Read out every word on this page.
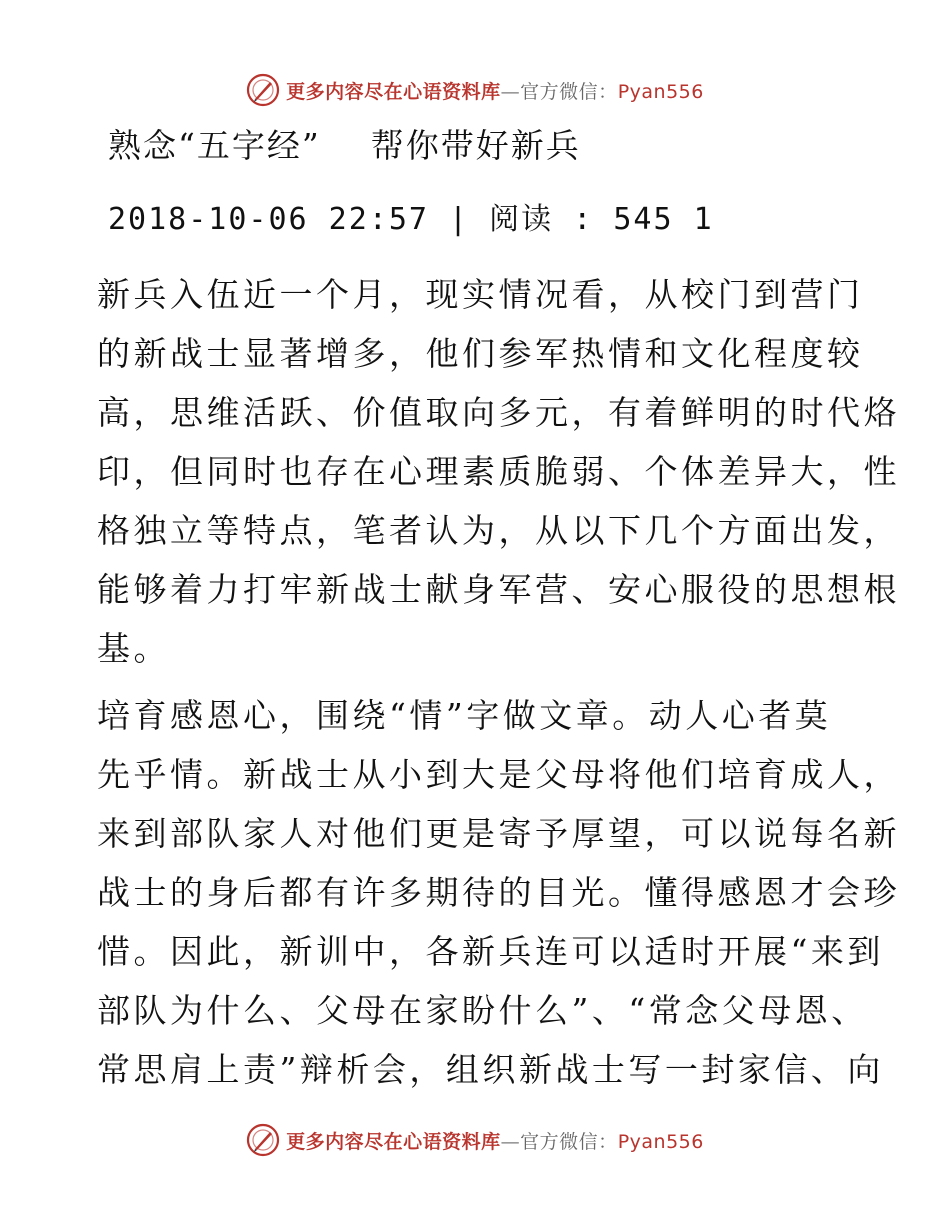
更多内容尽在心语资料库—官方微信：Pyan556
熟念“五字经”    帮你带好新兵
2018-10-06 22:57 | 阅读 : 545 1

新兵入伍近一个月，现实情况看，从校门到营门
的新战士显著增多，他们参军热情和文化程度较
高，思维活跃、价值取向多元，有着鲜明的时代烙
印，但同时也存在心理素质脆弱、个体差异大，性
格独立等特点，笔者认为，从以下几个方面出发，
能够着力打牢新战士献身军营、安心服役的思想根
基。

培育感恩心，围绕“情”字做文章。动人心者莫
先乎情。新战士从小到大是父母将他们培育成人，
来到部队家人对他们更是寄予厚望，可以说每名新
战士的身后都有许多期待的目光。懂得感恩才会珍
惜。因此，新训中，各新兵连可以适时开展“来到
部队为什么、父母在家盼什么”、“常念父母恩、
常思肩上责”辩析会，组织新战士写一封家信、向

更多内容尽在心语资料库—官方微信：Pyan556
